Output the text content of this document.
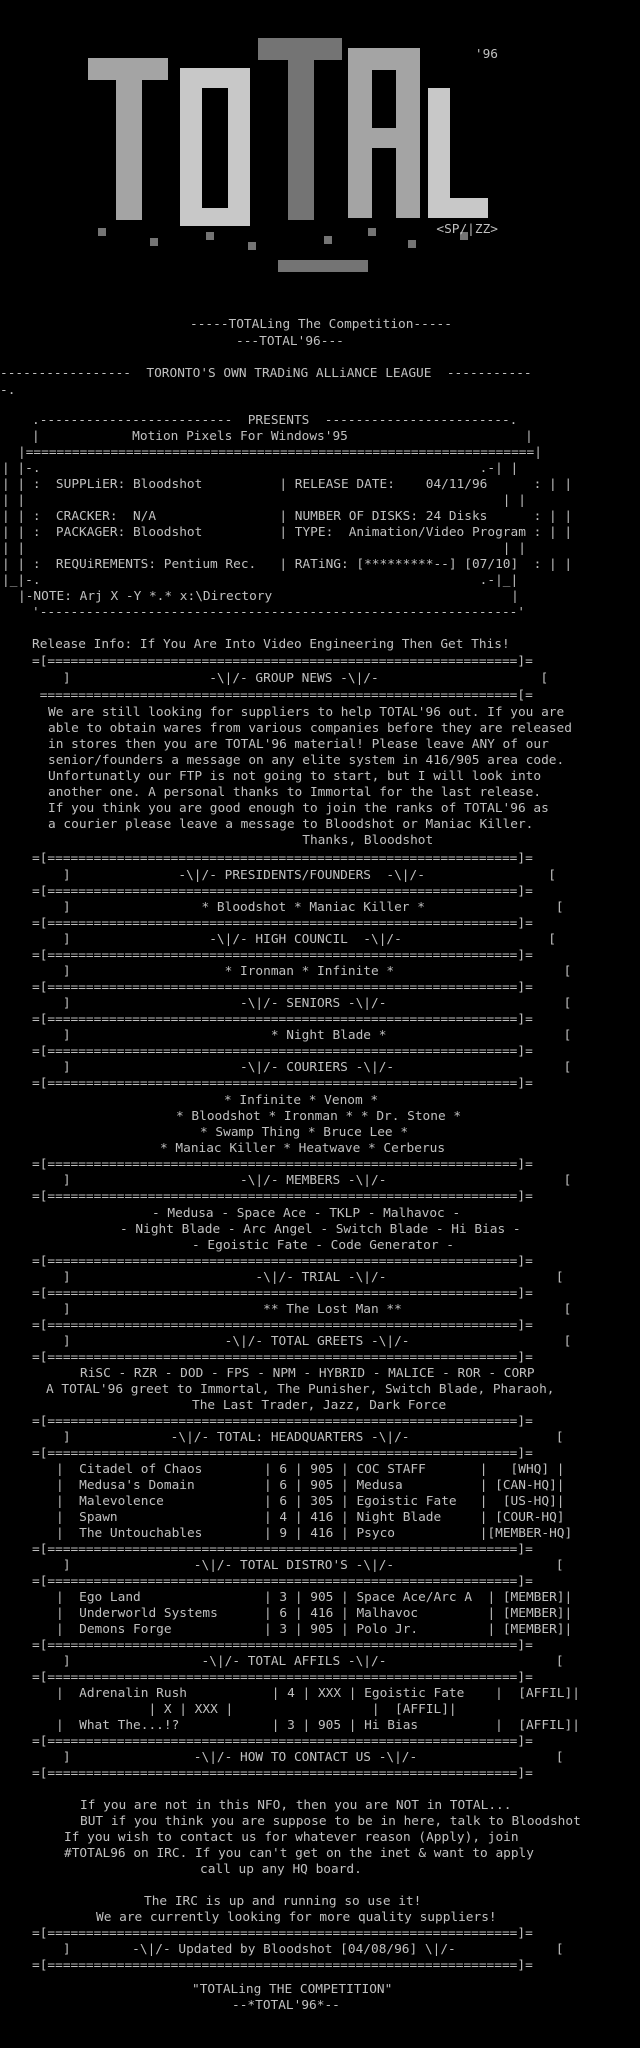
'96
<SP/|ZZ>
-----TOTALing The Competition-----
---TOTAL'96---
-----------------  TORONTO'S OWN TRADiNG ALLiANCE LEAGUE  -----------
-.
.-------------------------  PRESENTS  ------------------------.
|            Motion Pixels For Windows'95                       |
|==================================================================|
| |-.                                                         .-| |
| | :  SUPPLiER: Bloodshot          | RELEASE DATE:    04/11/96      : | |
| |                                                              | |
| | :  CRACKER:  N/A                | NUMBER OF DISKS: 24 Disks      : | |
| | :  PACKAGER: Bloodshot          | TYPE:  Animation/Video Program : | |
| |                                                              | |
| | :  REQUiREMENTS: Pentium Rec.   | RATiNG: [*********--] [07/10]  : | |
|_|-.                                                         .-|_|
|-NOTE: Arj X -Y *.* x:\Directory                               |
'--------------------------------------------------------------'
Release Info: If You Are Into Video Engineering Then Get This!
=[=============================================================]=
]                  -\|/- GROUP NEWS -\|/-                     [
==============================================================[=
We are still looking for suppliers to help TOTAL'96 out. If you are
able to obtain wares from various companies before they are released
in stores then you are TOTAL'96 material! Please leave ANY of our
senior/founders a message on any elite system in 416/905 area code.
Unfortunatly our FTP is not going to start, but I will look into
another one. A personal thanks to Immortal for the last release.
If you think you are good enough to join the ranks of TOTAL'96 as
a courier please leave a message to Bloodshot or Maniac Killer.
Thanks, Bloodshot
=[=============================================================]=
]              -\|/- PRESIDENTS/FOUNDERS  -\|/-                [
=[=============================================================]=
]                 * Bloodshot * Maniac Killer *                 [
=[=============================================================]=
]                  -\|/- HIGH COUNCIL  -\|/-                   [
=[=============================================================]=
]                    * Ironman * Infinite *                      [
=[=============================================================]=
]                      -\|/- SENIORS -\|/-                       [
=[=============================================================]=
]                          * Night Blade *                       [
=[=============================================================]=
]                      -\|/- COURIERS -\|/-                      [
=[=============================================================]=
* Infinite * Venom *
* Bloodshot * Ironman * * Dr. Stone *
* Swamp Thing * Bruce Lee *
* Maniac Killer * Heatwave * Cerberus
=[=============================================================]=
]                      -\|/- MEMBERS -\|/-                       [
=[=============================================================]=
- Medusa - Space Ace - TKLP - Malhavoc -
- Night Blade - Arc Angel - Switch Blade - Hi Bias -
- Egoistic Fate - Code Generator -
=[=============================================================]=
]                        -\|/- TRIAL -\|/-                      [
=[=============================================================]=
]                         ** The Lost Man **                     [
=[=============================================================]=
]                    -\|/- TOTAL GREETS -\|/-                    [
=[=============================================================]=
RiSC - RZR - DOD - FPS - NPM - HYBRID - MALICE - ROR - CORP
A TOTAL'96 greet to Immortal, The Punisher, Switch Blade, Pharaoh,
The Last Trader, Jazz, Dark Force
=[=============================================================]=
]             -\|/- TOTAL: HEADQUARTERS -\|/-                   [
=[=============================================================]=
|  Citadel of Chaos        | 6 | 905 | COC STAFF       |   [WHQ] |
|  Medusa's Domain         | 6 | 905 | Medusa          | [CAN-HQ]|
|  Malevolence             | 6 | 305 | Egoistic Fate   |  [US-HQ]|
|  Spawn                   | 4 | 416 | Night Blade     | [COUR-HQ]
|  The Untouchables        | 9 | 416 | Psyco           |[MEMBER-HQ]
=[=============================================================]=
]                -\|/- TOTAL DISTRO'S -\|/-                     [
=[=============================================================]=
|  Ego Land                | 3 | 905 | Space Ace/Arc A  | [MEMBER]|
|  Underworld Systems      | 6 | 416 | Malhavoc         | [MEMBER]|
|  Demons Forge            | 3 | 905 | Polo Jr.         | [MEMBER]|
=[=============================================================]=
]                 -\|/- TOTAL AFFILS -\|/-                      [
=[=============================================================]=
|  Adrenalin Rush           | 4 | XXX | Egoistic Fate    |  [AFFIL]|
| X | XXX |                  |  [AFFIL]|
|  What The...!?            | 3 | 905 | Hi Bias          |  [AFFIL]|
=[=============================================================]=
]                -\|/- HOW TO CONTACT US -\|/-                  [
=[=============================================================]=
If you are not in this NFO, then you are NOT in TOTAL...
BUT if you think you are suppose to be in here, talk to Bloodshot
If you wish to contact us for whatever reason (Apply), join
#TOTAL96 on IRC. If you can't get on the inet & want to apply
call up any HQ board.
The IRC is up and running so use it!
We are currently looking for more quality suppliers!
=[=============================================================]=
]        -\|/- Updated by Bloodshot [04/08/96] \|/-             [
=[=============================================================]=
"TOTALing THE COMPETITION"
--*TOTAL'96*--
